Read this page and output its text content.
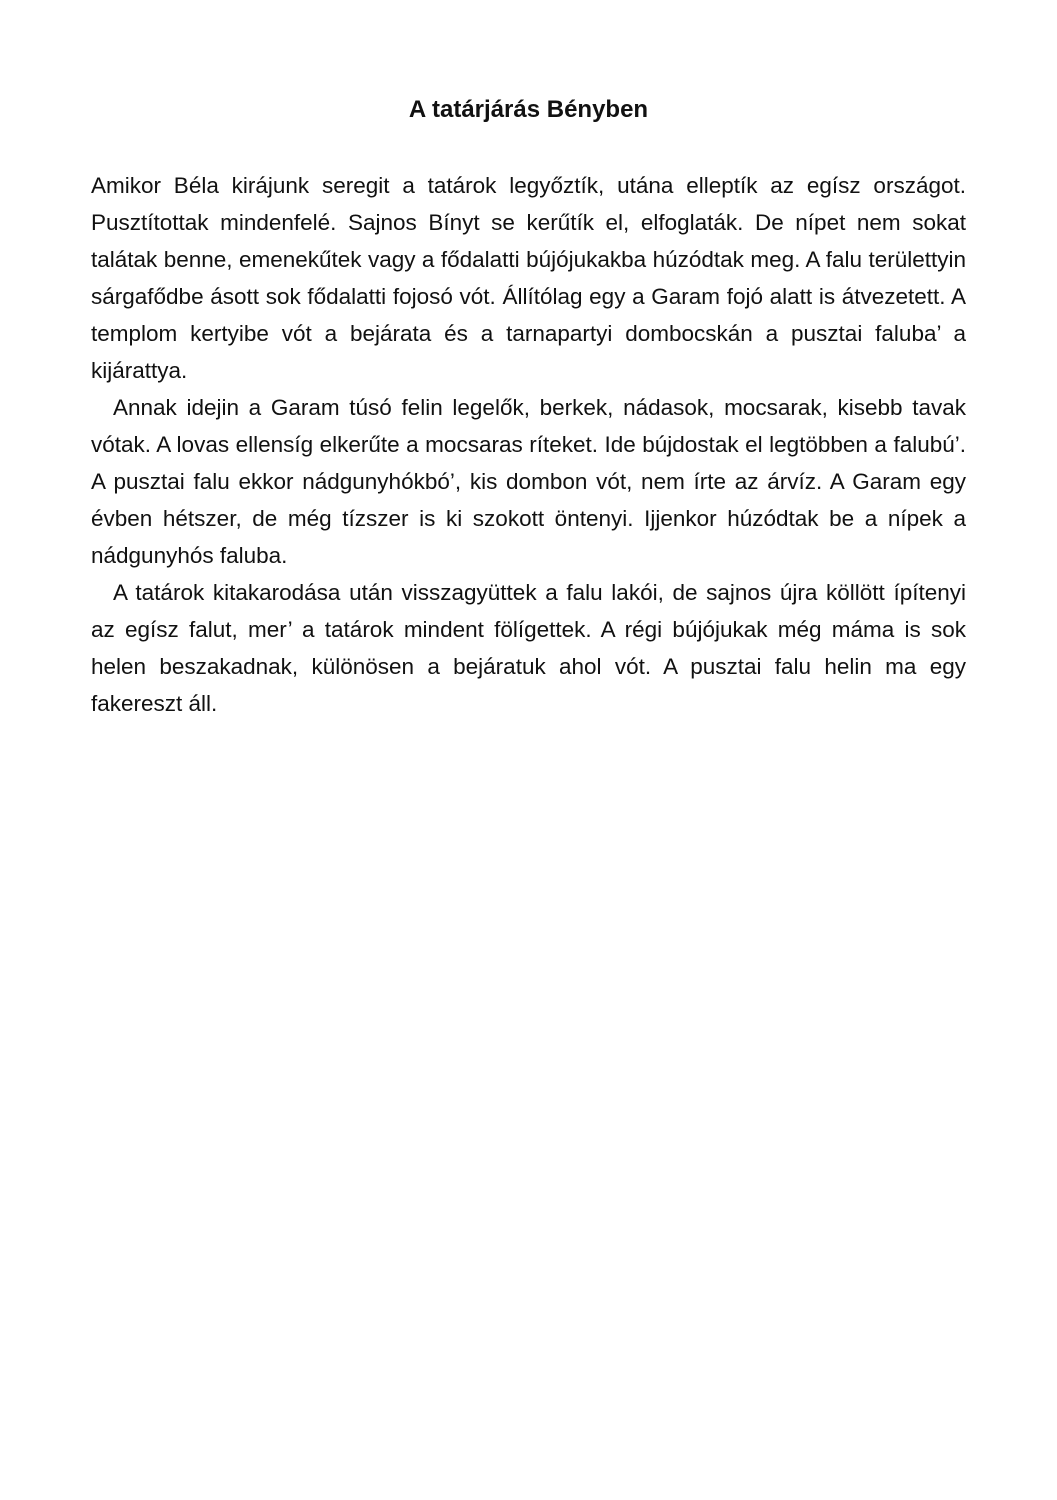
A tatárjárás Bényben

Amikor Béla kirájunk seregit a tatárok legyőztík, utána elleptík az egísz országot. Pusztítottak mindenfelé. Sajnos Bínyt se kerűtík el, elfoglaták. De nípet nem sokat talátak benne, emenekűtek vagy a fődalatti bújójukakba húzódtak meg. A falu területtyin sárgafődbe ásott sok fődalatti fojosó vót. Állítólag egy a Garam fojó alatt is átvezetett. A templom kertyibe vót a bejárata és a tarnapartyi dombocskán a pusztai faluba’ a kijárattya.

Annak idejin a Garam túsó felin legelők, berkek, nádasok, mocsarak, kisebb tavak vótak. A lovas ellensíg elkerűte a mocsaras ríteket. Ide bújdostak el legtöbben a falubú’. A pusztai falu ekkor nádgunyhókbó’, kis dombon vót, nem írte az árvíz. A Garam egy évben hétszer, de még tízszer is ki szokott öntenyi. Ijjenkor húzódtak be a nípek a nádgunyhós faluba.

A tatárok kitakarodása után visszagyüttek a falu lakói, de sajnos újra köllött ípítenyi az egísz falut, mer’ a tatárok mindent fölígettek. A régi bújójukak még máma is sok helen beszakadnak, különösen a bejáratuk ahol vót. A pusztai falu helin ma egy fakereszt áll.
